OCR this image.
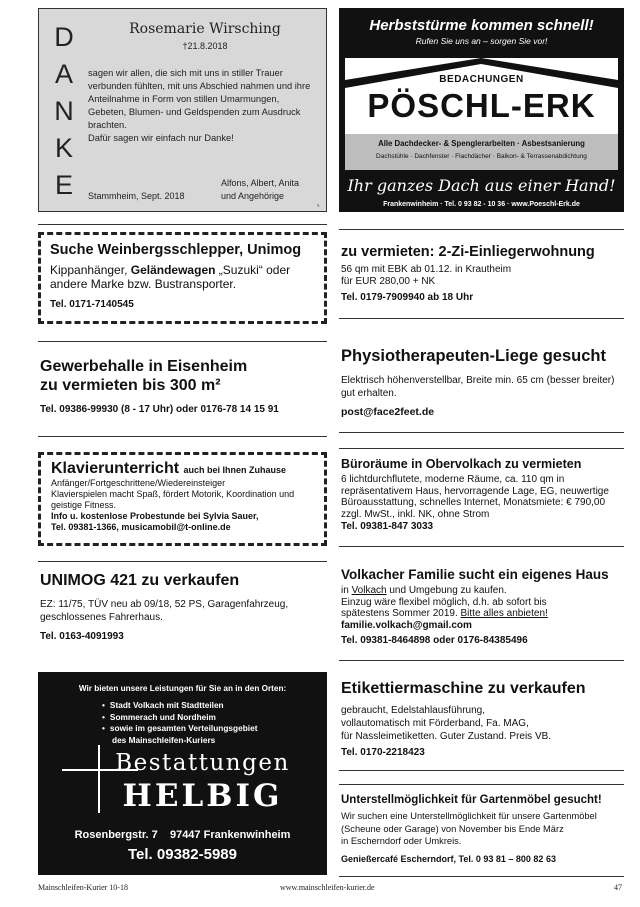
D
A
N
K
E
Rosemarie Wirsching
†21.8.2018
sagen wir allen, die sich mit uns in stiller Trauer verbunden fühlten, mit uns Abschied nahmen und ihre Anteilnahme in Form von stillen Umarmungen, Gebeten, Blumen- und Geldspenden zum Ausdruck brachten.
Dafür sagen wir einfach nur Danke!
Alfons, Albert, Anita
und Angehörige
Stammheim, Sept. 2018
✎
Herbststürme kommen schnell!
Rufen Sie uns an – sorgen Sie vor!
BEDACHUNGEN
PÖSCHL-ERK
Alle Dachdecker- & Spenglerarbeiten · Asbestsanierung
Dachstühle · Dachfenster · Flachdächer · Balkon- & Terrassenabdichtung
Ihr ganzes Dach aus einer Hand!
Frankenwinheim · Tel. 0 93 82 - 10 36 · www.Poeschl-Erk.de
Suche Weinbergsschlepper, Unimog
Kippanhänger, Geländewagen „Suzuki“ oder andere Marke bzw. Bustransporter.
Tel. 0171-7140545
zu vermieten: 2-Zi-Einliegerwohnung
56 qm mit EBK ab 01.12. in Krautheim
für EUR 280,00 + NK
Tel. 0179-7909940 ab 18 Uhr
Gewerbehalle in Eisenheim
zu vermieten bis 300 m²
Tel. 09386-99930 (8 - 17 Uhr) oder 0176-78 14 15 91
Physiotherapeuten-Liege gesucht
Elektrisch höhenverstellbar, Breite min. 65 cm (besser breiter) gut erhalten.
post@face2feet.de
Klavierunterricht auch bei Ihnen Zuhause
Anfänger/Fortgeschrittene/Wiedereinsteiger
Klavierspielen macht Spaß, fördert Motorik, Koordination und geistige Fitness.
Info u. kostenlose Probestunde bei Sylvia Sauer,
Tel. 09381-1366, musicamobil@t-online.de
Büroräume in Obervolkach zu vermieten
6 lichtdurchflutete, moderne Räume, ca. 110 qm in repräsentativem Haus, hervorragende Lage, EG, neuwertige Büroausstattung, schnelles Internet, Monatsmiete: € 790,00 zzgl. MwSt., inkl. NK, ohne Strom
Tel. 09381-847 3033
UNIMOG 421 zu verkaufen
EZ: 11/75, TÜV neu ab 09/18, 52 PS, Garagenfahrzeug, geschlossenes Fahrerhaus.
Tel. 0163-4091993
Volkacher Familie sucht ein eigenes Haus
in Volkach und Umgebung zu kaufen.
Einzug wäre flexibel möglich, d.h. ab sofort bis
spätestens Sommer 2019. Bitte alles anbieten!
familie.volkach@gmail.com
Tel. 09381-8464898 oder 0176-84385496
Wir bieten unsere Leistungen für Sie an in den Orten:
• Stadt Volkach mit Stadtteilen
• Sommerach und Nordheim
• sowie im gesamten Verteilungsgebiet
des Mainschleifen-Kuriers
Bestattungen
HELBIG
Rosenbergstr. 7    97447 Frankenwinheim
Tel. 09382-5989
Etikettiermaschine zu verkaufen
gebraucht, Edelstahlausführung,
vollautomatisch mit Förderband, Fa. MAG,
für Nassleimetiketten. Guter Zustand. Preis VB.
Tel. 0170-2218423
Unterstellmöglichkeit für Gartenmöbel gesucht!
Wir suchen eine Unterstellmöglichkeit für unsere Gartenmöbel
(Scheune oder Garage) von November bis Ende März
in Escherndorf oder Umkreis.
Genießercafé Escherndorf, Tel. 0 93 81 – 800 82 63
Mainschleifen-Kurier 10-18	www.mainschleifen-kurier.de	47
